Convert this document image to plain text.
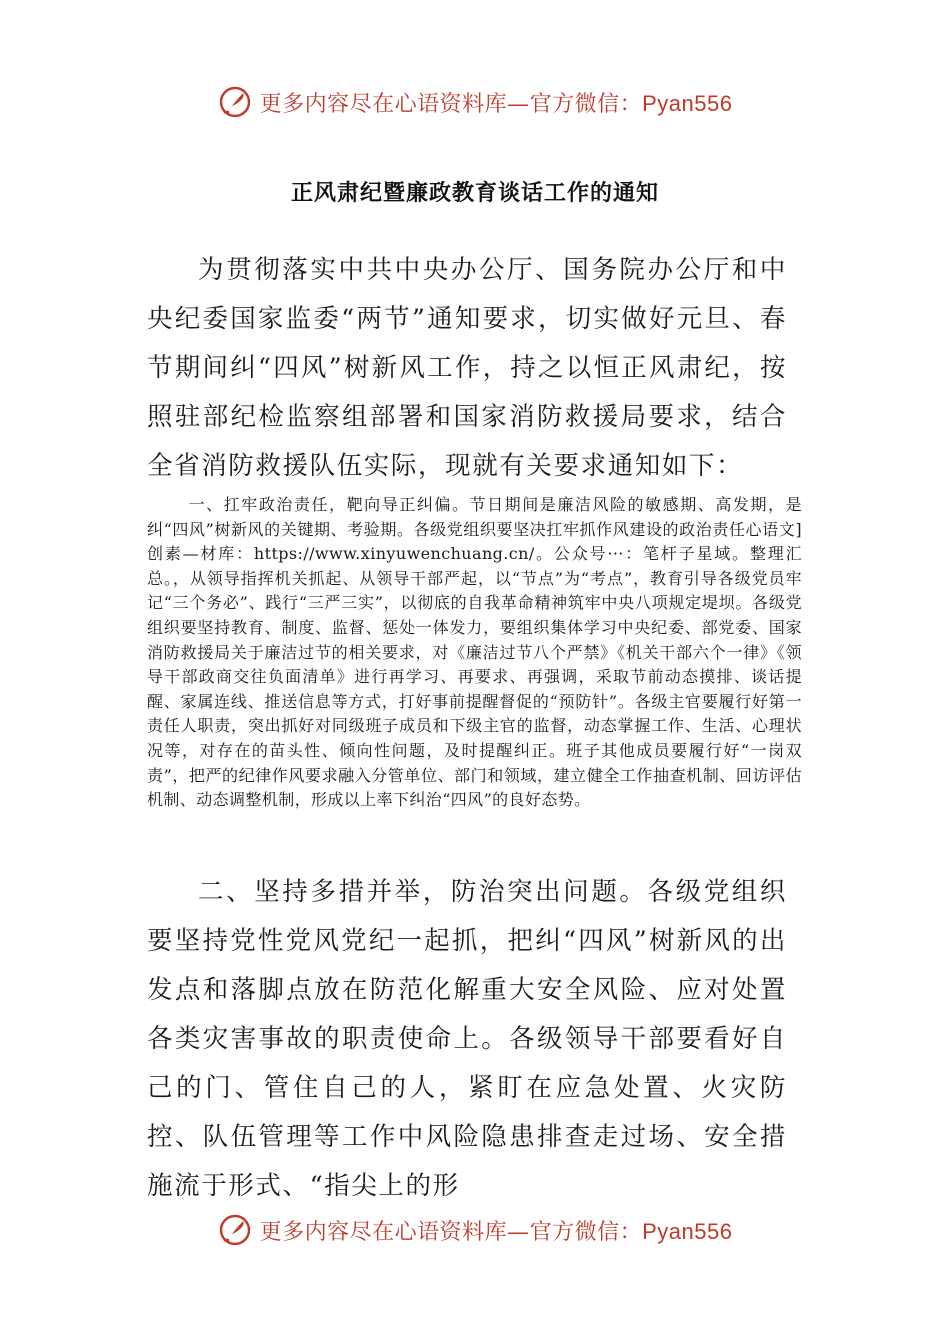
更多内容尽在心语资料库—官方微信：Pyan556
正风肃纪暨廉政教育谈话工作的通知

为贯彻落实中共中央办公厅、国务院办公厅和中央纪委国家监委“两节”通知要求，切实做好元旦、春节期间纠“四风”树新风工作，持之以恒正风肃纪，按照驻部纪检监察组部署和国家消防救援局要求，结合全省消防救援队伍实际，现就有关要求通知如下：

一、扛牢政治责任，靶向导正纠偏。节日期间是廉洁风险的敏感期、高发期，是纠“四风”树新风的关键期、考验期。各级党组织要坚决扛牢抓作风建设的政治责任心语文]创素—材库：https://www.xinyuwenchuang.cn/。公众号···：笔杆子星域。整理汇总。，从领导指挥机关抓起、从领导干部严起，以“节点”为“考点”，教育引导各级党员牢记“三个务必”、践行“三严三实”，以彻底的自我革命精神筑牢中央八项规定堤坝。各级党组织要坚持教育、制度、监督、惩处一体发力，要组织集体学习中央纪委、部党委、国家消防救援局关于廉洁过节的相关要求，对《廉洁过节八个严禁》《机关干部六个一律》《领导干部政商交往负面清单》进行再学习、再要求、再强调，采取节前动态摸排、谈话提醒、家属连线、推送信息等方式，打好事前提醒督促的“预防针”。各级主官要履行好第一责任人职责，突出抓好对同级班子成员和下级主官的监督，动态掌握工作、生活、心理状况等，对存在的苗头性、倾向性问题，及时提醒纠正。班子其他成员要履行好“一岗双责”，把严的纪律作风要求融入分管单位、部门和领域，建立健全工作抽查机制、回访评估机制、动态调整机制，形成以上率下纠治“四风”的良好态势。

二、坚持多措并举，防治突出问题。各级党组织要坚持党性党风党纪一起抓，把纠“四风”树新风的出发点和落脚点放在防范化解重大安全风险、应对处置各类灾害事故的职责使命上。各级领导干部要看好自己的门、管住自己的人，紧盯在应急处置、火灾防控、队伍管理等工作中风险隐患排查走过场、安全措施流于形式、“指尖上的形

更多内容尽在心语资料库—官方微信：Pyan556
